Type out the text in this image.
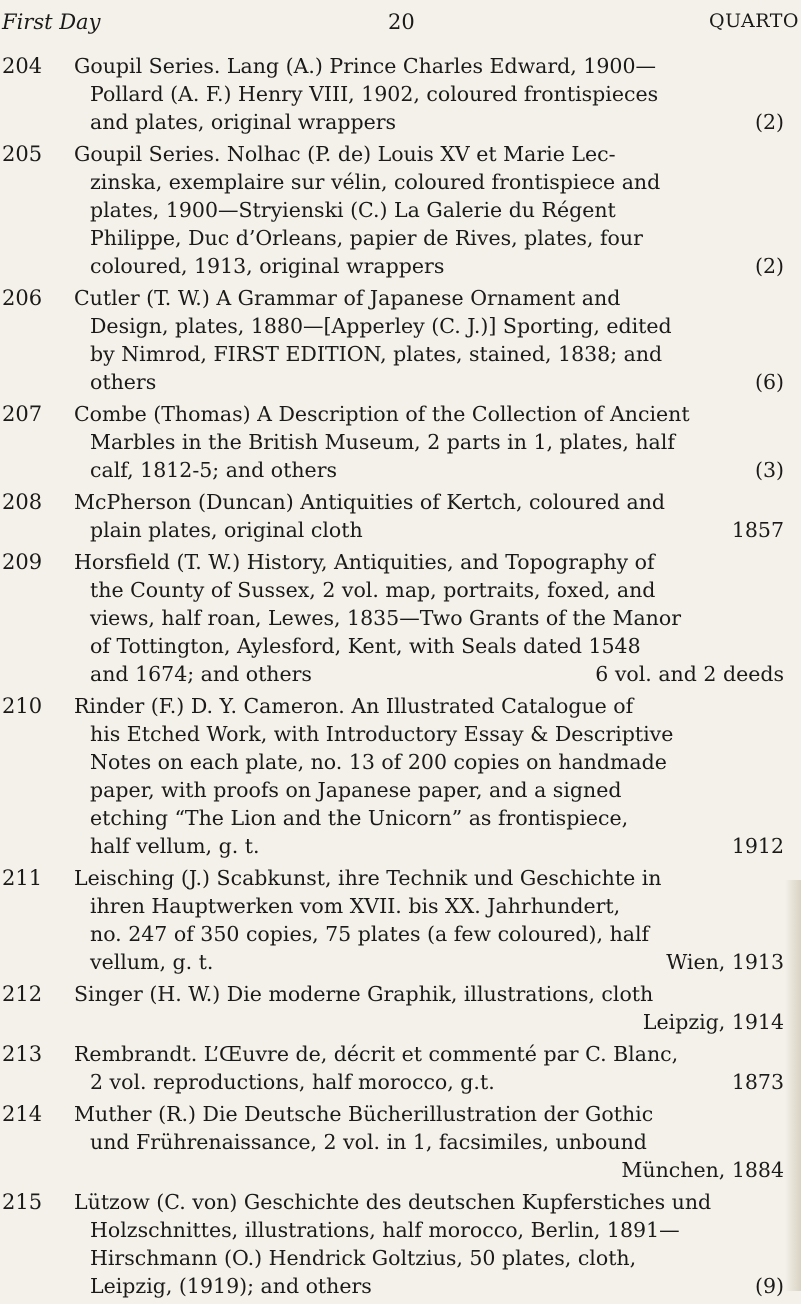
First Day	20	QUARTO
204 Goupil Series. Lang (A.) Prince Charles Edward, 1900—
Pollard (A. F.) Henry VIII, 1902, coloured frontispieces
and plates, original wrappers	(2)
205 Goupil Series. Nolhac (P. de) Louis XV et Marie Lec-
zinska, exemplaire sur vélin, coloured frontispiece and
plates, 1900—Stryienski (C.) La Galerie du Régent
Philippe, Duc d’Orleans, papier de Rives, plates, four
coloured, 1913, original wrappers	(2)
206 Cutler (T. W.) A Grammar of Japanese Ornament and
Design, plates, 1880—[Apperley (C. J.)] Sporting, edited
by Nimrod, FIRST EDITION, plates, stained, 1838; and
others	(6)
207 Combe (Thomas) A Description of the Collection of Ancient
Marbles in the British Museum, 2 parts in 1, plates, half
calf, 1812-5; and others	(3)
208 McPherson (Duncan) Antiquities of Kertch, coloured and
plain plates, original cloth	1857
209 Horsfield (T. W.) History, Antiquities, and Topography of
the County of Sussex, 2 vol. map, portraits, foxed, and
views, half roan, Lewes, 1835—Two Grants of the Manor
of Tottington, Aylesford, Kent, with Seals dated 1548
and 1674; and others	6 vol. and 2 deeds
210 Rinder (F.) D. Y. Cameron. An Illustrated Catalogue of
his Etched Work, with Introductory Essay & Descriptive
Notes on each plate, no. 13 of 200 copies on handmade
paper, with proofs on Japanese paper, and a signed
etching “The Lion and the Unicorn” as frontispiece,
half vellum, g. t.	1912
211 Leisching (J.) Scabkunst, ihre Technik und Geschichte in
ihren Hauptwerken vom XVII. bis XX. Jahrhundert,
no. 247 of 350 copies, 75 plates (a few coloured), half
vellum, g. t.	Wien, 1913
212 Singer (H. W.) Die moderne Graphik, illustrations, cloth
Leipzig, 1914
213 Rembrandt. L’Œuvre de, décrit et commenté par C. Blanc,
2 vol. reproductions, half morocco, g.t.	1873
214 Muther (R.) Die Deutsche Bücherillustration der Gothic
und Frührenaissance, 2 vol. in 1, facsimiles, unbound
München, 1884
215 Lützow (C. von) Geschichte des deutschen Kupferstiches und
Holzschnittes, illustrations, half morocco, Berlin, 1891—
Hirschmann (O.) Hendrick Goltzius, 50 plates, cloth,
Leipzig, (1919); and others	(9)
